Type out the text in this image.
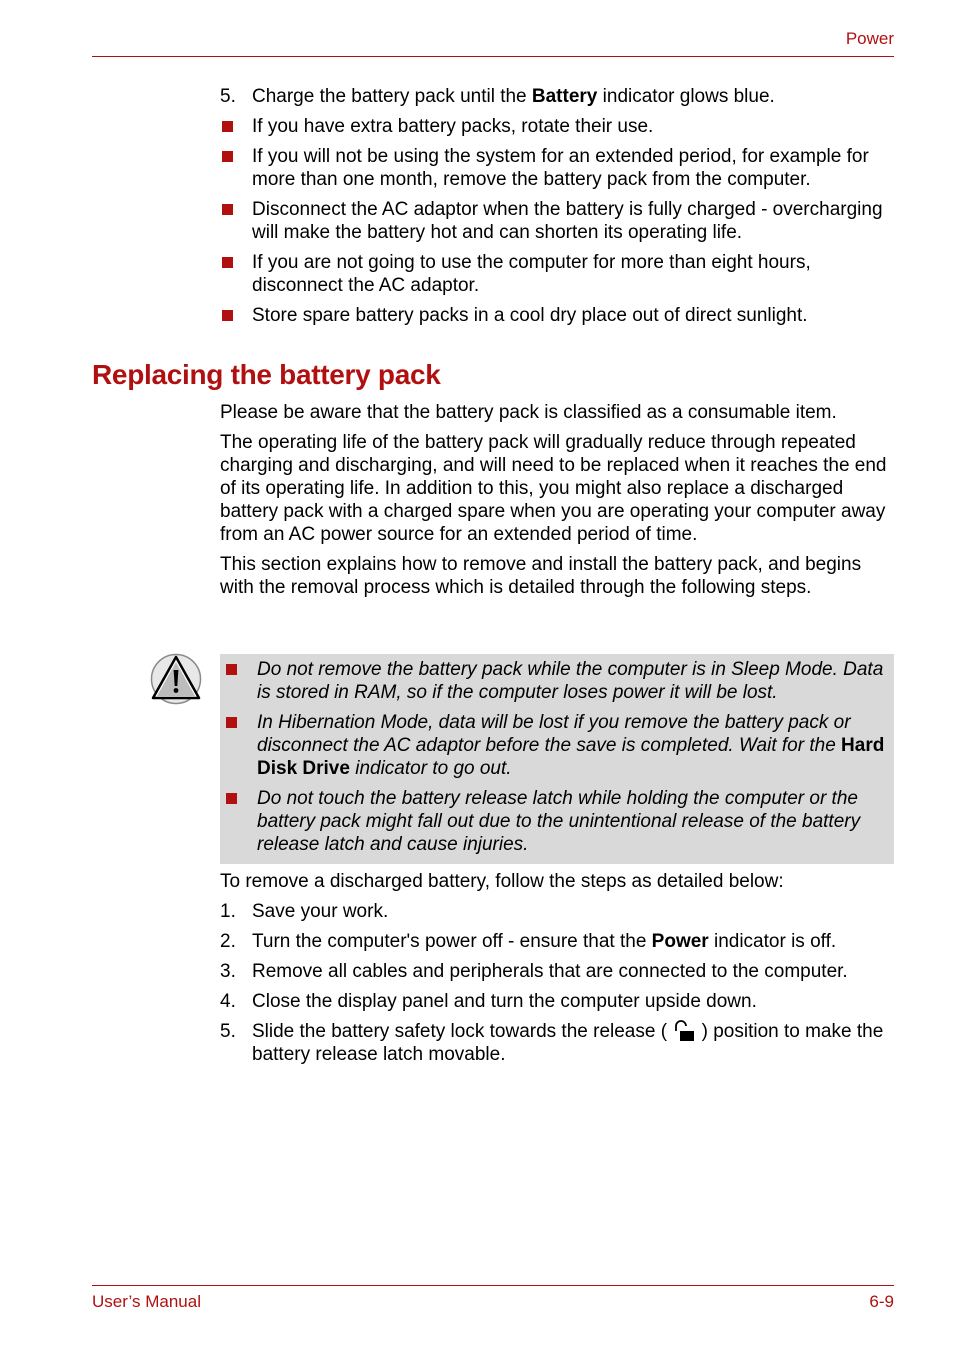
Power
5. Charge the battery pack until the Battery indicator glows blue.
If you have extra battery packs, rotate their use.
If you will not be using the system for an extended period, for example for more than one month, remove the battery pack from the computer.
Disconnect the AC adaptor when the battery is fully charged - overcharging will make the battery hot and can shorten its operating life.
If you are not going to use the computer for more than eight hours, disconnect the AC adaptor.
Store spare battery packs in a cool dry place out of direct sunlight.
Replacing the battery pack

Please be aware that the battery pack is classified as a consumable item.

The operating life of the battery pack will gradually reduce through repeated charging and discharging, and will need to be replaced when it reaches the end of its operating life. In addition to this, you might also replace a discharged battery pack with a charged spare when you are operating your computer away from an AC power source for an extended period of time.

This section explains how to remove and install the battery pack, and begins with the removal process which is detailed through the following steps.

Do not remove the battery pack while the computer is in Sleep Mode. Data is stored in RAM, so if the computer loses power it will be lost.
In Hibernation Mode, data will be lost if you remove the battery pack or disconnect the AC adaptor before the save is completed. Wait for the Hard Disk Drive indicator to go out.
Do not touch the battery release latch while holding the computer or the battery pack might fall out due to the unintentional release of the battery release latch and cause injuries.

To remove a discharged battery, follow the steps as detailed below:

1. Save your work.
2. Turn the computer's power off - ensure that the Power indicator is off.
3. Remove all cables and peripherals that are connected to the computer.
4. Close the display panel and turn the computer upside down.
5. Slide the battery safety lock towards the release ( ) position to make the battery release latch movable.
User’s Manual	6-9
